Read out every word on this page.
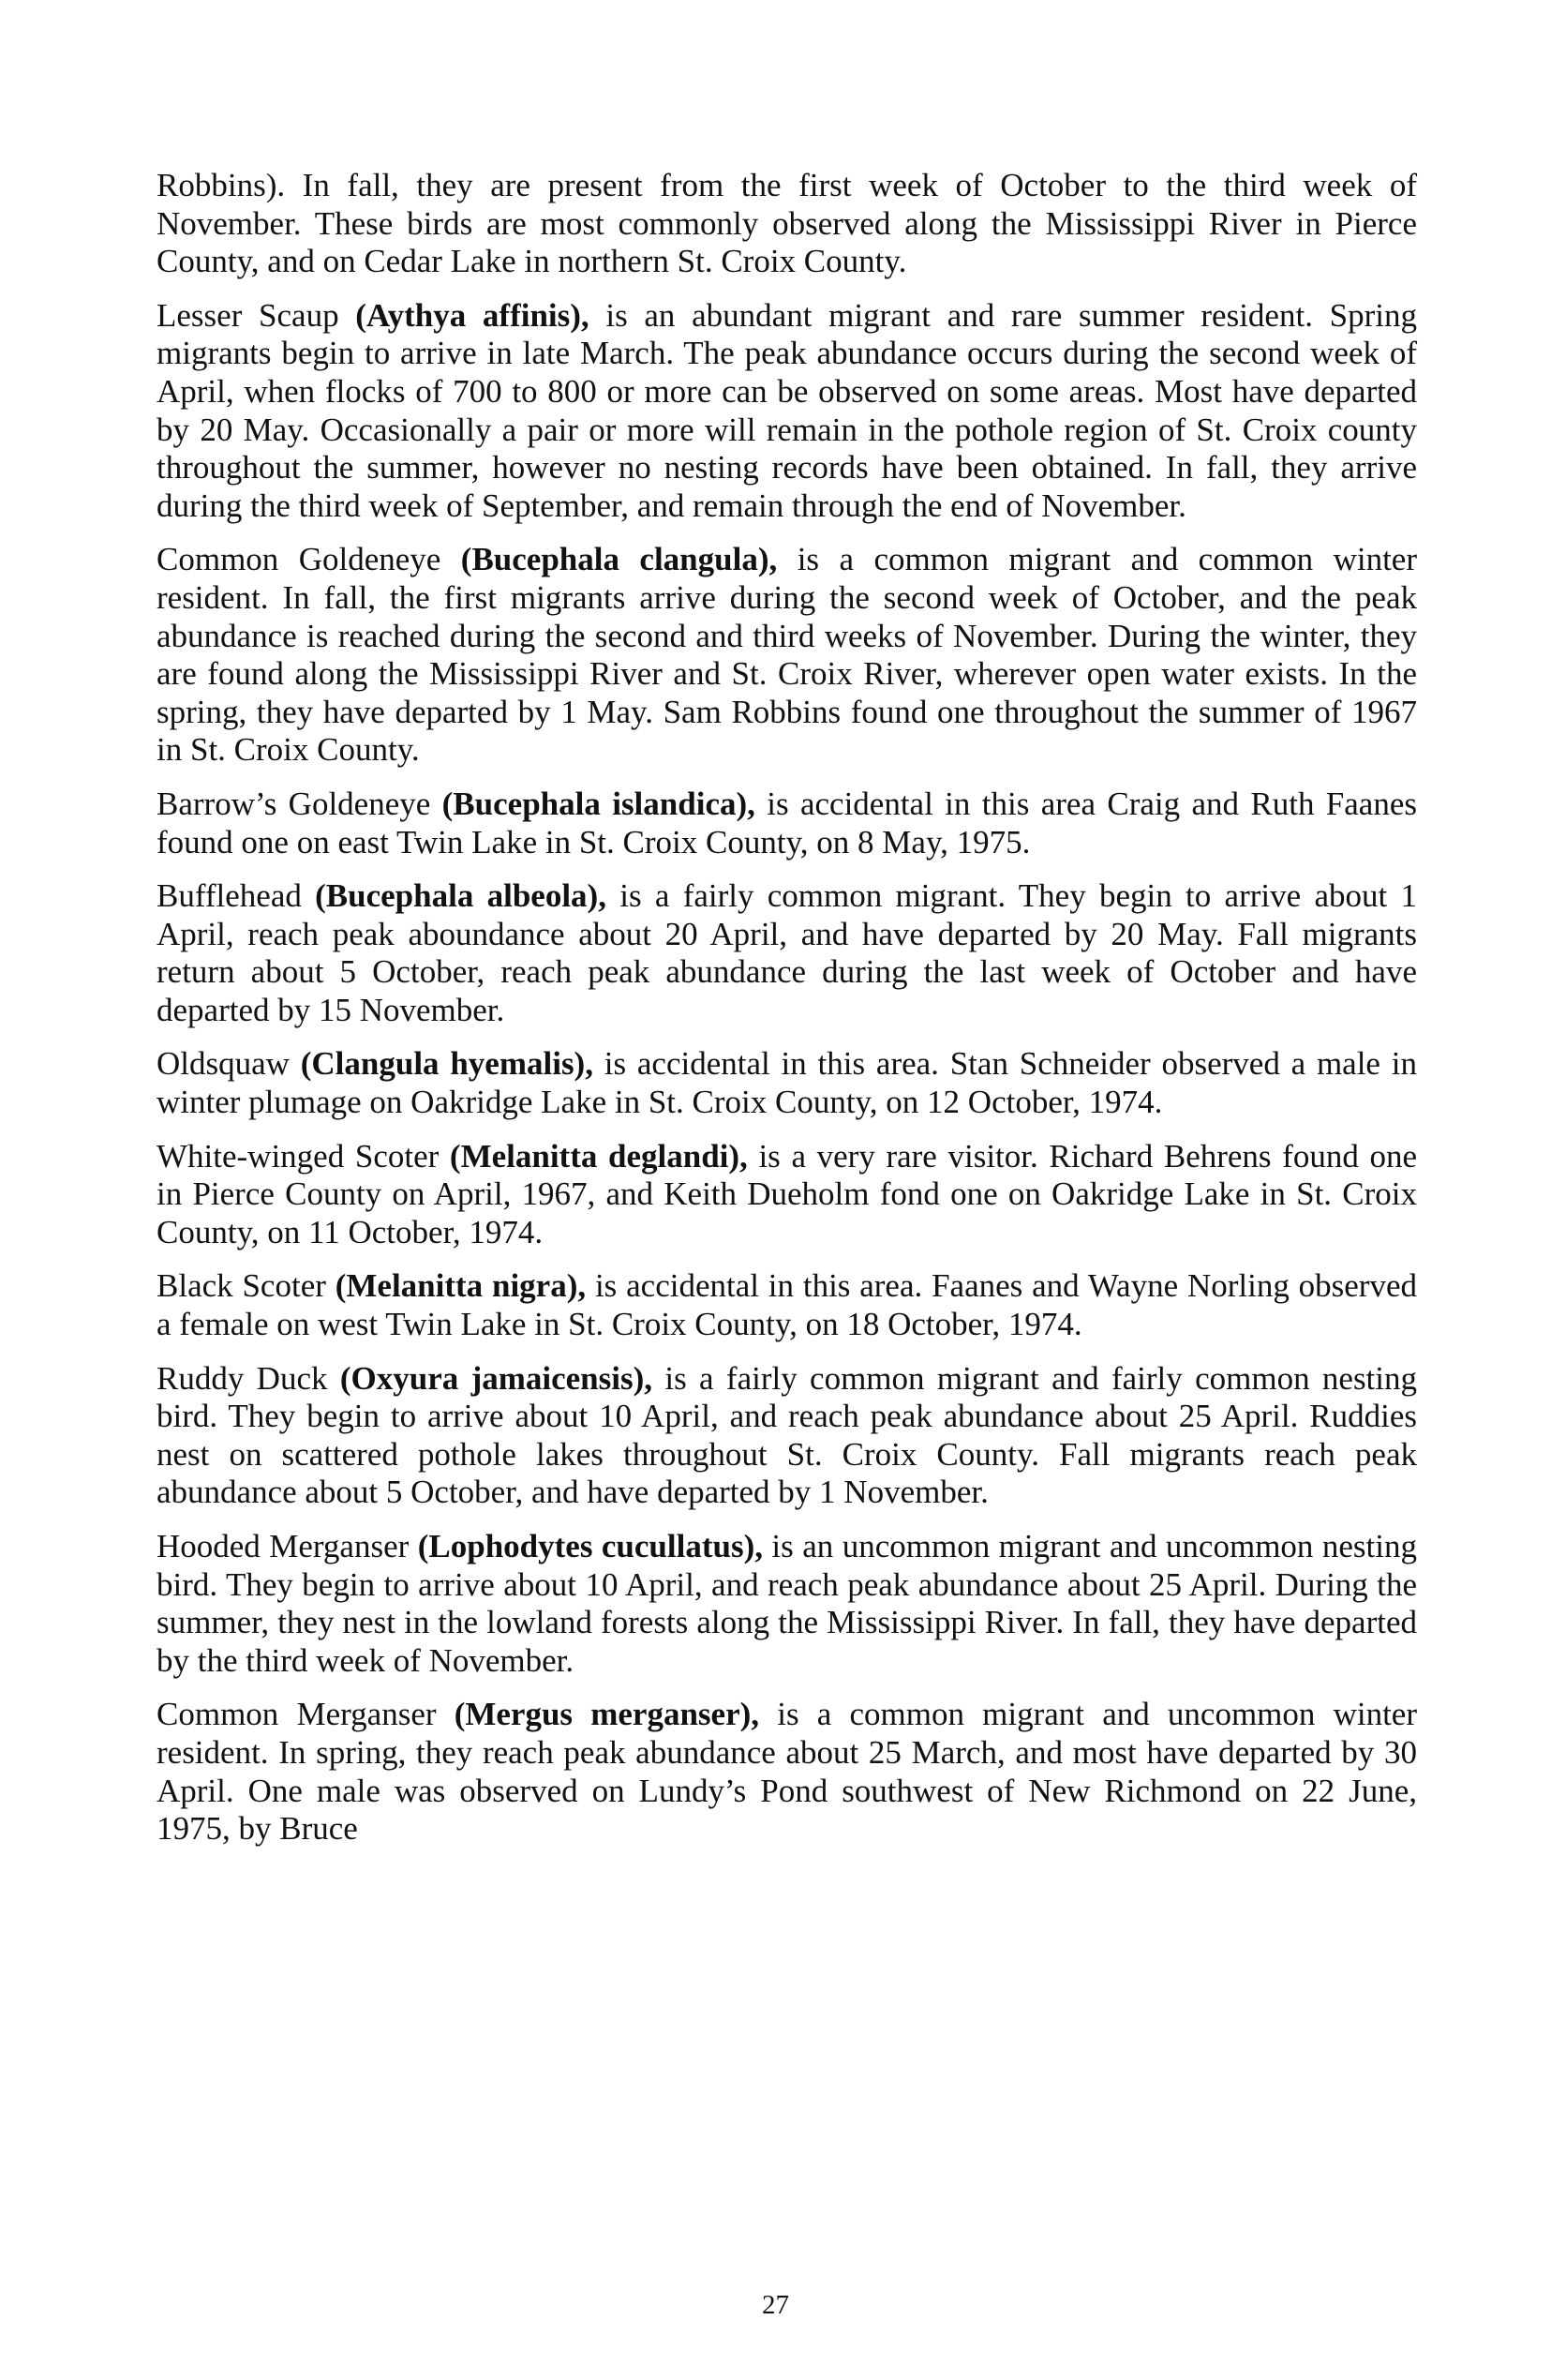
Robbins). In fall, they are present from the first week of October to the third week of November. These birds are most commonly observed along the Mississippi River in Pierce County, and on Cedar Lake in northern St. Croix County.

Lesser Scaup (Aythya affinis), is an abundant migrant and rare summer resident. Spring migrants begin to arrive in late March. The peak abundance occurs during the second week of April, when flocks of 700 to 800 or more can be observed on some areas. Most have departed by 20 May. Occasionally a pair or more will remain in the pothole region of St. Croix county throughout the summer, however no nesting records have been obtained. In fall, they arrive during the third week of September, and remain through the end of November.

Common Goldeneye (Bucephala clangula), is a common migrant and common winter resident. In fall, the first migrants arrive during the second week of October, and the peak abundance is reached during the second and third weeks of November. During the winter, they are found along the Mississippi River and St. Croix River, wherever open water exists. In the spring, they have departed by 1 May. Sam Robbins found one throughout the summer of 1967 in St. Croix County.

Barrow’s Goldeneye (Bucephala islandica), is accidental in this area Craig and Ruth Faanes found one on east Twin Lake in St. Croix County, on 8 May, 1975.

Bufflehead (Bucephala albeola), is a fairly common migrant. They begin to arrive about 1 April, reach peak aboundance about 20 April, and have departed by 20 May. Fall migrants return about 5 October, reach peak abundance during the last week of October and have departed by 15 November.

Oldsquaw (Clangula hyemalis), is accidental in this area. Stan Schneider observed a male in winter plumage on Oakridge Lake in St. Croix County, on 12 October, 1974.

White-winged Scoter (Melanitta deglandi), is a very rare visitor. Richard Behrens found one in Pierce County on April, 1967, and Keith Dueholm fond one on Oakridge Lake in St. Croix County, on 11 October, 1974.

Black Scoter (Melanitta nigra), is accidental in this area. Faanes and Wayne Norling observed a female on west Twin Lake in St. Croix County, on 18 October, 1974.

Ruddy Duck (Oxyura jamaicensis), is a fairly common migrant and fairly common nesting bird. They begin to arrive about 10 April, and reach peak abundance about 25 April. Ruddies nest on scattered pothole lakes throughout St. Croix County. Fall migrants reach peak abundance about 5 October, and have departed by 1 November.

Hooded Merganser (Lophodytes cucullatus), is an uncommon migrant and uncommon nesting bird. They begin to arrive about 10 April, and reach peak abundance about 25 April. During the summer, they nest in the lowland forests along the Mississippi River. In fall, they have departed by the third week of November.

Common Merganser (Mergus merganser), is a common migrant and uncommon winter resident. In spring, they reach peak abundance about 25 March, and most have departed by 30 April. One male was observed on Lundy’s Pond southwest of New Richmond on 22 June, 1975, by Bruce

27
